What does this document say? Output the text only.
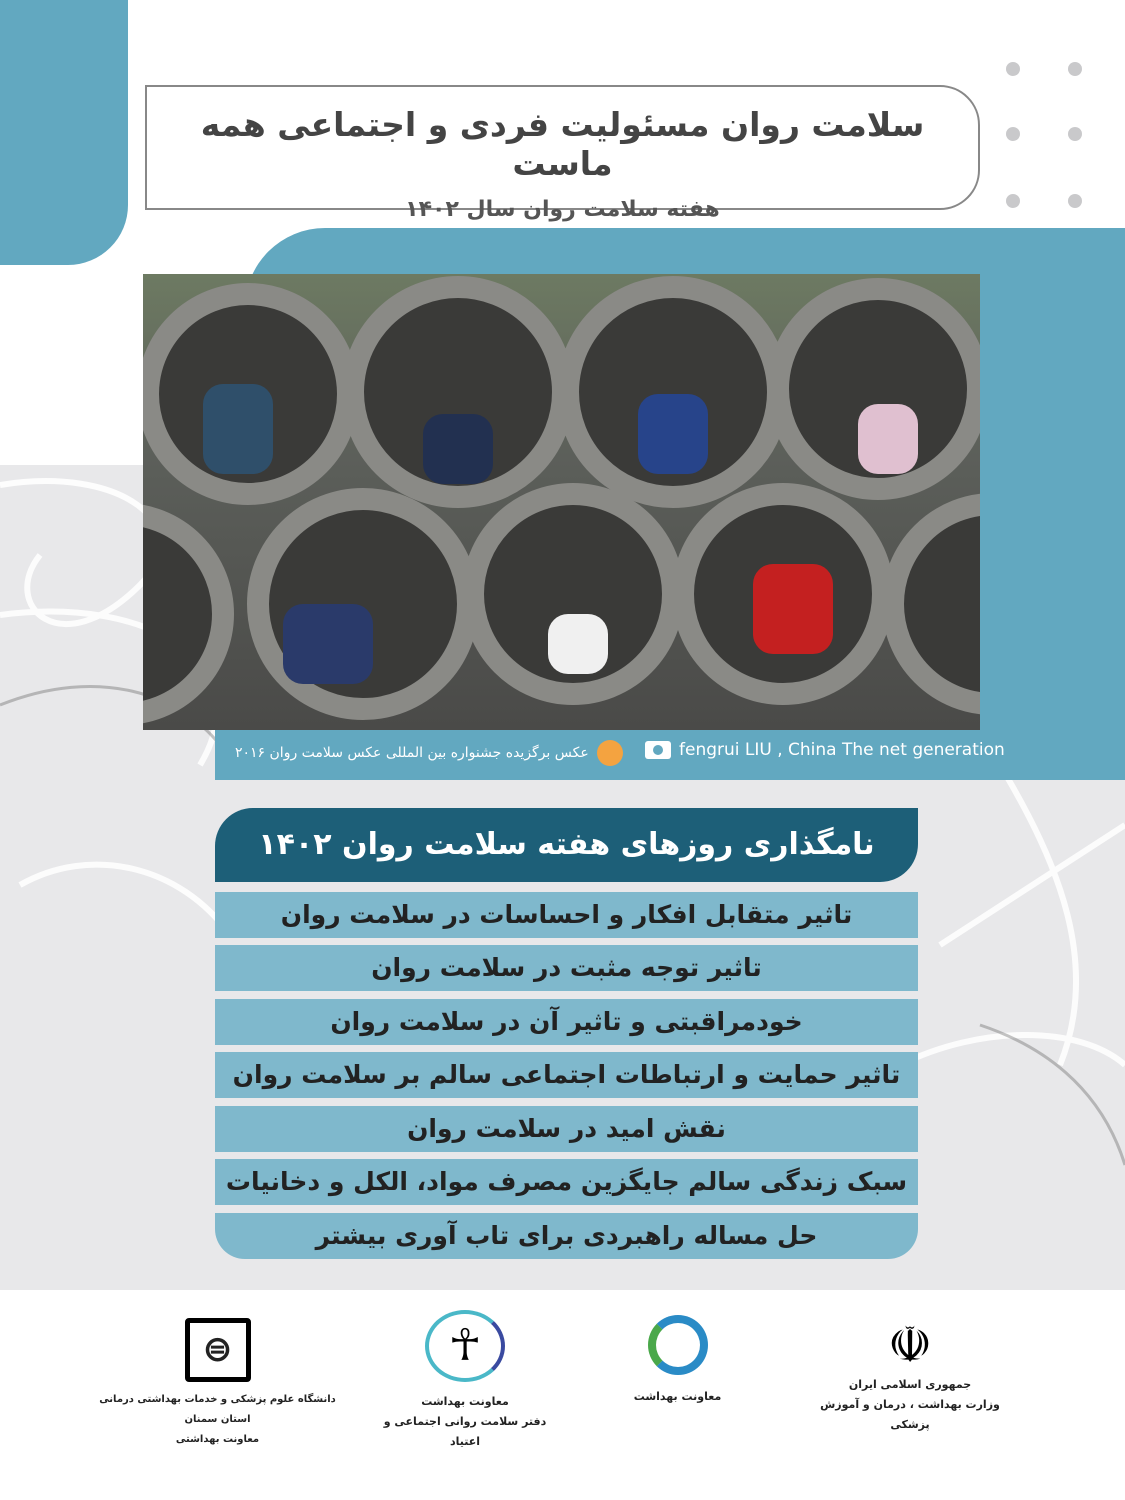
سلامت روان مسئولیت فردی و اجتماعی همه ماست
هفته سلامت روان سال ۱۴۰۲
عکس برگزیده جشنواره بین المللی عکس سلامت روان ۲۰۱۶	fengrui LIU , China The net generation
نامگذاری روزهای هفته سلامت روان ۱۴۰۲
تاثیر متقابل افکار و احساسات در سلامت روان
تاثیر توجه مثبت در سلامت روان
خودمراقبتی و تاثیر آن در سلامت روان
تاثیر حمایت و ارتباطات اجتماعی سالم بر سلامت روان
نقش امید در سلامت روان
سبک زندگی سالم جایگزین مصرف مواد، الکل و دخانیات
حل مساله راهبردی برای تاب آوری بیشتر
☫
جمهوری اسلامی ایران
وزارت بهداشت ، درمان و آموزش پزشکی
معاونت بهداشت
☥
معاونت بهداشت
دفتر سلامت روانی اجتماعی و اعتیاد
⊜
دانشگاه علوم پزشکی و خدمات بهداشتی درمانی استان سمنان
معاونت بهداشتی
